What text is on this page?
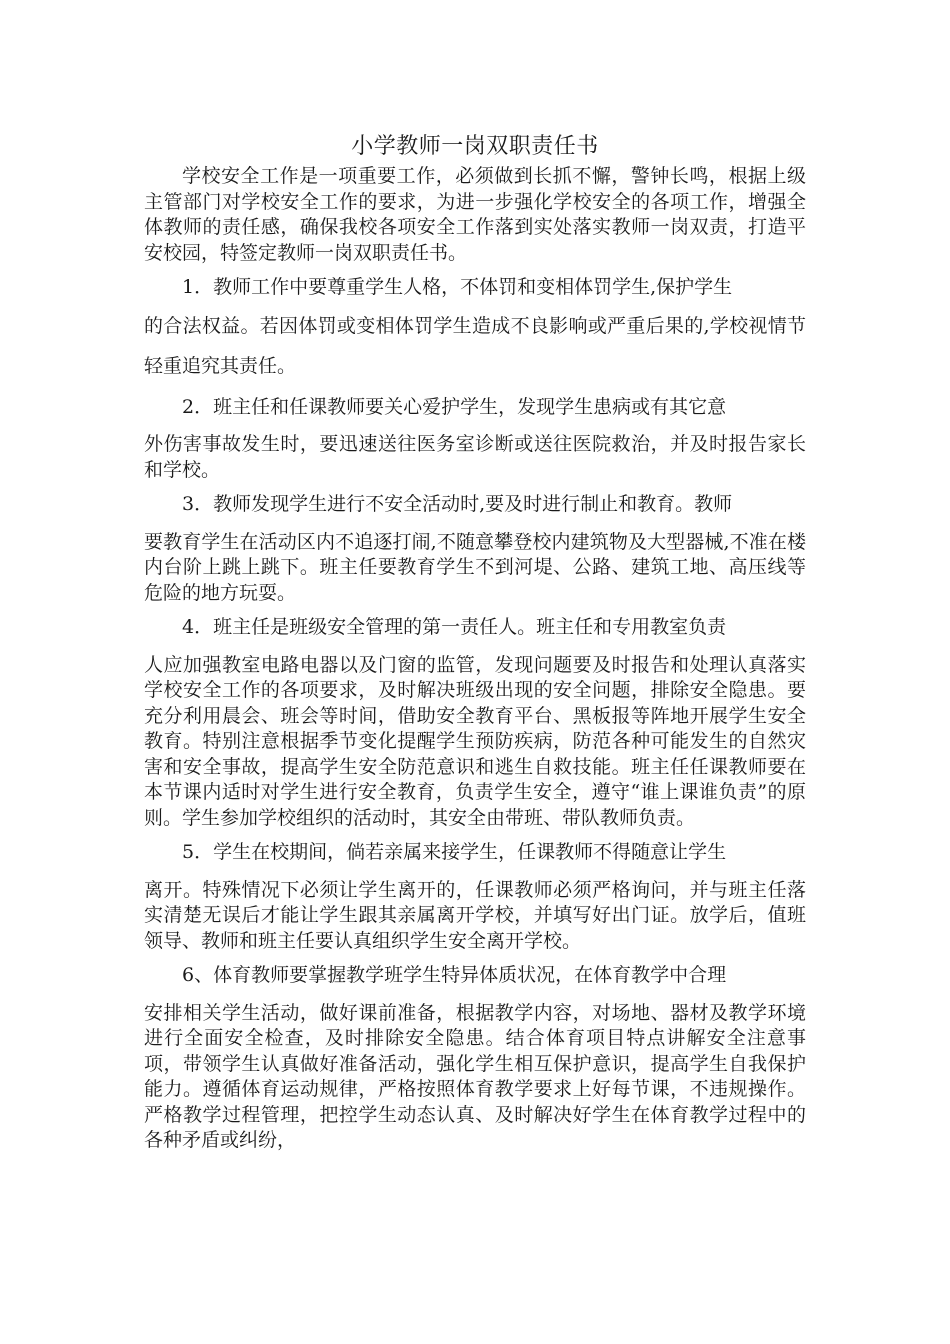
小学教师一岗双职责任书

学校安全工作是一项重要工作，必须做到长抓不懈，警钟长鸣，根据上级主管部门对学校安全工作的要求，为进一步强化学校安全的各项工作，增强全体教师的责任感，确保我校各项安全工作落到实处落实教师一岗双责，打造平安校园，特签定教师一岗双职责任书。

1．教师工作中要尊重学生人格，不体罚和变相体罚学生,保护学生
的合法权益。若因体罚或变相体罚学生造成不良影响或严重后果的,学校视情节轻重追究其责任。
2．班主任和任课教师要关心爱护学生，发现学生患病或有其它意
外伤害事故发生时，要迅速送往医务室诊断或送往医院救治，并及时报告家长和学校。
3．教师发现学生进行不安全活动时,要及时进行制止和教育。教师
要教育学生在活动区内不追逐打闹,不随意攀登校内建筑物及大型器械,不准在楼内台阶上跳上跳下。班主任要教育学生不到河堤、公路、建筑工地、高压线等危险的地方玩耍。
4．班主任是班级安全管理的第一责任人。班主任和专用教室负责
人应加强教室电路电器以及门窗的监管，发现问题要及时报告和处理认真落实学校安全工作的各项要求，及时解决班级出现的安全问题，排除安全隐患。要充分利用晨会、班会等时间，借助安全教育平台、黑板报等阵地开展学生安全教育。特别注意根据季节变化提醒学生预防疾病，防范各种可能发生的自然灾害和安全事故，提高学生安全防范意识和逃生自救技能。班主任任课教师要在本节课内适时对学生进行安全教育，负责学生安全，遵守“谁上课谁负责”的原则。学生参加学校组织的活动时，其安全由带班、带队教师负责。
5．学生在校期间，倘若亲属来接学生，任课教师不得随意让学生
离开。特殊情况下必须让学生离开的，任课教师必须严格询问，并与班主任落实清楚无误后才能让学生跟其亲属离开学校，并填写好出门证。放学后，值班领导、教师和班主任要认真组织学生安全离开学校。
6、体育教师要掌握教学班学生特异体质状况，在体育教学中合理
安排相关学生活动，做好课前准备，根据教学内容，对场地、器材及教学环境进行全面安全检查，及时排除安全隐患。结合体育项目特点讲解安全注意事项，带领学生认真做好准备活动，强化学生相互保护意识，提高学生自我保护能力。遵循体育运动规律，严格按照体育教学要求上好每节课，不违规操作。严格教学过程管理，把控学生动态认真、及时解决好学生在体育教学过程中的各种矛盾或纠纷，
